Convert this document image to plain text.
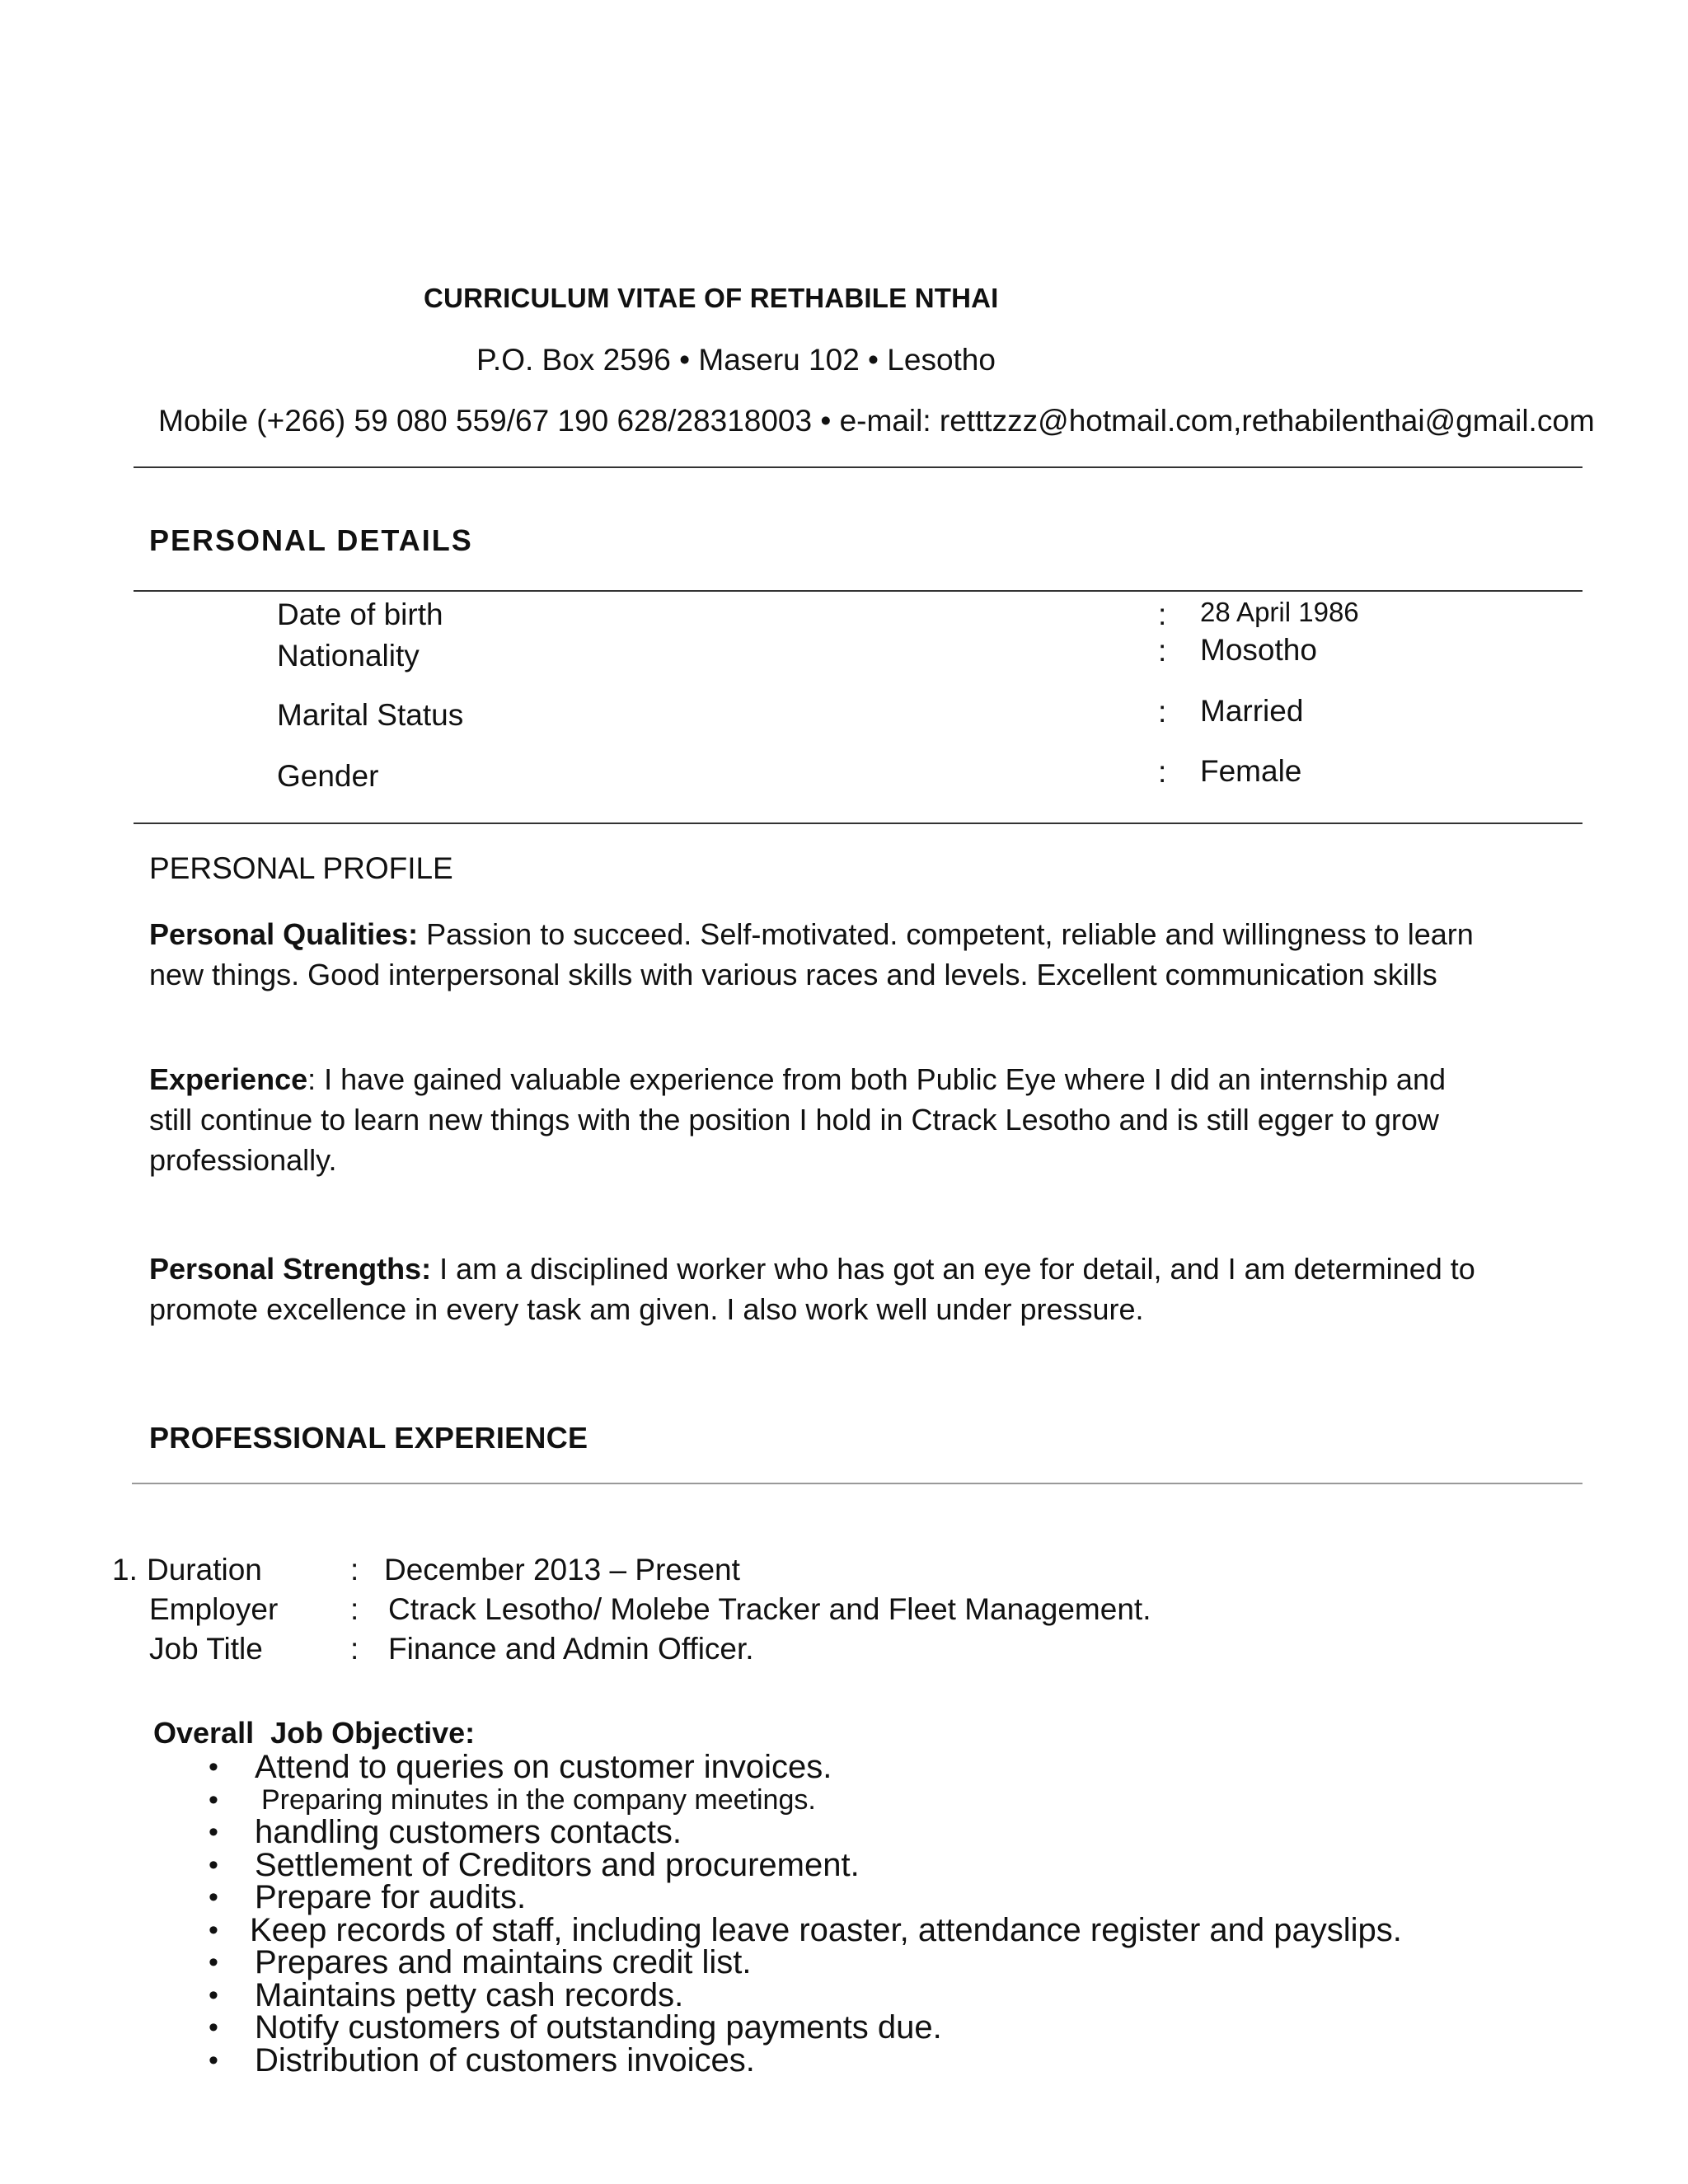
CURRICULUM VITAE OF RETHABILE NTHAI
P.O. Box 2596 • Maseru 102 • Lesotho
Mobile (+266) 59 080 559/67 190 628/28318003 • e-mail: retttzzz@hotmail.com,rethabilenthai@gmail.com
PERSONAL DETAILS
Date of birth	: 28 April 1986
Nationality	: Mosotho
Marital Status	: Married
Gender	: Female
PERSONAL PROFILE
Personal Qualities: Passion to succeed. Self-motivated. competent, reliable and willingness to learn new things. Good interpersonal skills with various races and levels. Excellent communication skills
Experience: I have gained valuable experience from both Public Eye where I did an internship and still continue to learn new things with the position I hold in Ctrack Lesotho and is still egger to grow professionally.
Personal Strengths: I am a disciplined worker who has got an eye for detail, and I am determined to promote excellence in every task am given. I also work well under pressure.
PROFESSIONAL EXPERIENCE
1. Duration	: December 2013 – Present
Employer : Ctrack Lesotho/ Molebe Tracker and Fleet Management.
Job Title	: Finance and Admin Officer.
Overall  Job Objective:
• Attend to queries on customer invoices.
• Preparing minutes in the company meetings.
• handling customers contacts.
• Settlement of Creditors and procurement.
• Prepare for audits.
• Keep records of staff, including leave roaster, attendance register and payslips.
• Prepares and maintains credit list.
• Maintains petty cash records.
• Notify customers of outstanding payments due.
• Distribution of customers invoices.
